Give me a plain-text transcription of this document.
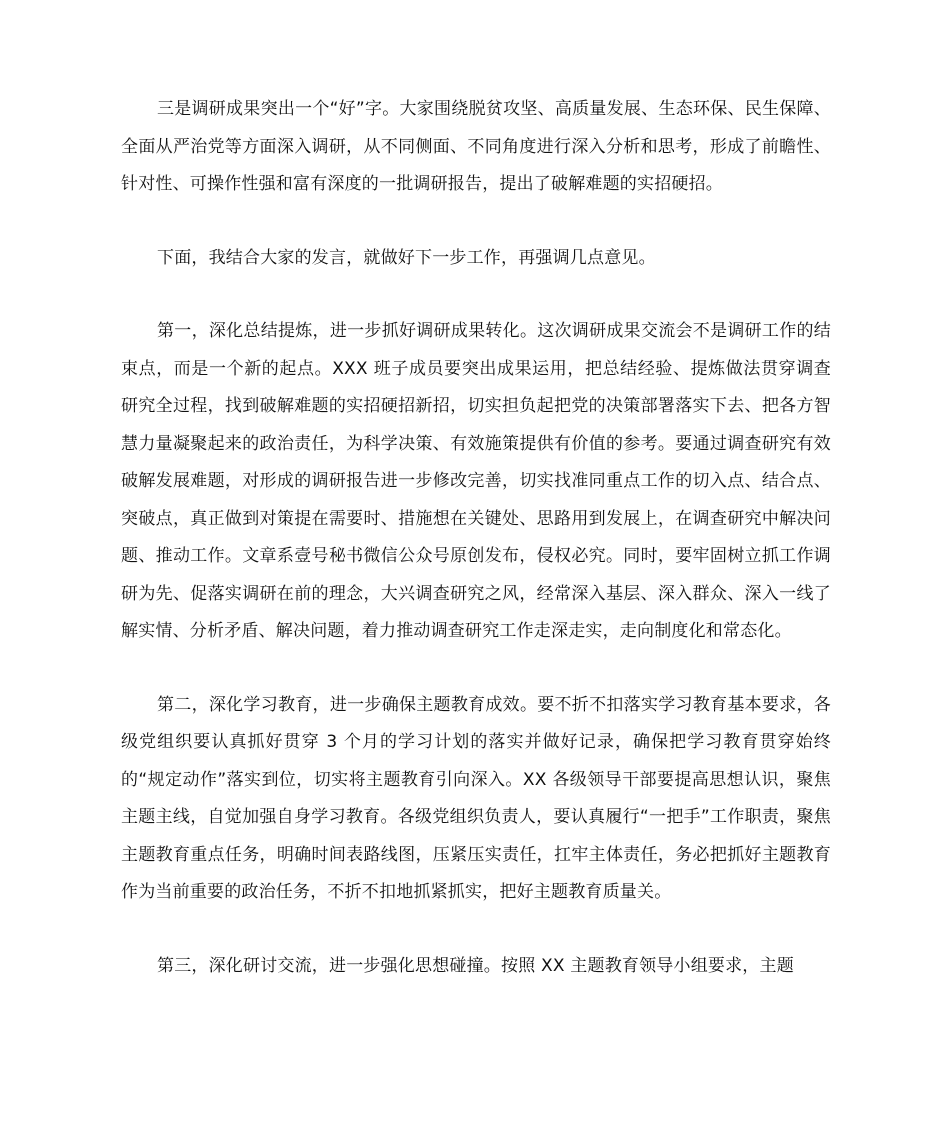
三是调研成果突出一个“好”字。大家围绕脱贫攻坚、高质量发展、生态环保、民生保障、全面从严治党等方面深入调研，从不同侧面、不同角度进行深入分析和思考，形成了前瞻性、针对性、可操作性强和富有深度的一批调研报告，提出了破解难题的实招硬招。

下面，我结合大家的发言，就做好下一步工作，再强调几点意见。

第一，深化总结提炼，进一步抓好调研成果转化。这次调研成果交流会不是调研工作的结束点，而是一个新的起点。XXX 班子成员要突出成果运用，把总结经验、提炼做法贯穿调查研究全过程，找到破解难题的实招硬招新招，切实担负起把党的决策部署落实下去、把各方智慧力量凝聚起来的政治责任，为科学决策、有效施策提供有价值的参考。要通过调查研究有效破解发展难题，对形成的调研报告进一步修改完善，切实找准同重点工作的切入点、结合点、突破点，真正做到对策提在需要时、措施想在关键处、思路用到发展上，在调查研究中解决问题、推动工作。文章系壹号秘书微信公众号原创发布，侵权必究。同时，要牢固树立抓工作调研为先、促落实调研在前的理念，大兴调查研究之风，经常深入基层、深入群众、深入一线了解实情、分析矛盾、解决问题，着力推动调查研究工作走深走实，走向制度化和常态化。

第二，深化学习教育，进一步确保主题教育成效。要不折不扣落实学习教育基本要求，各级党组织要认真抓好贯穿 3 个月的学习计划的落实并做好记录，确保把学习教育贯穿始终的“规定动作”落实到位，切实将主题教育引向深入。XX 各级领导干部要提高思想认识，聚焦主题主线，自觉加强自身学习教育。各级党组织负责人，要认真履行“一把手”工作职责，聚焦主题教育重点任务，明确时间表路线图，压紧压实责任，扛牢主体责任，务必把抓好主题教育作为当前重要的政治任务，不折不扣地抓紧抓实，把好主题教育质量关。

第三，深化研讨交流，进一步强化思想碰撞。按照 XX 主题教育领导小组要求，主题
